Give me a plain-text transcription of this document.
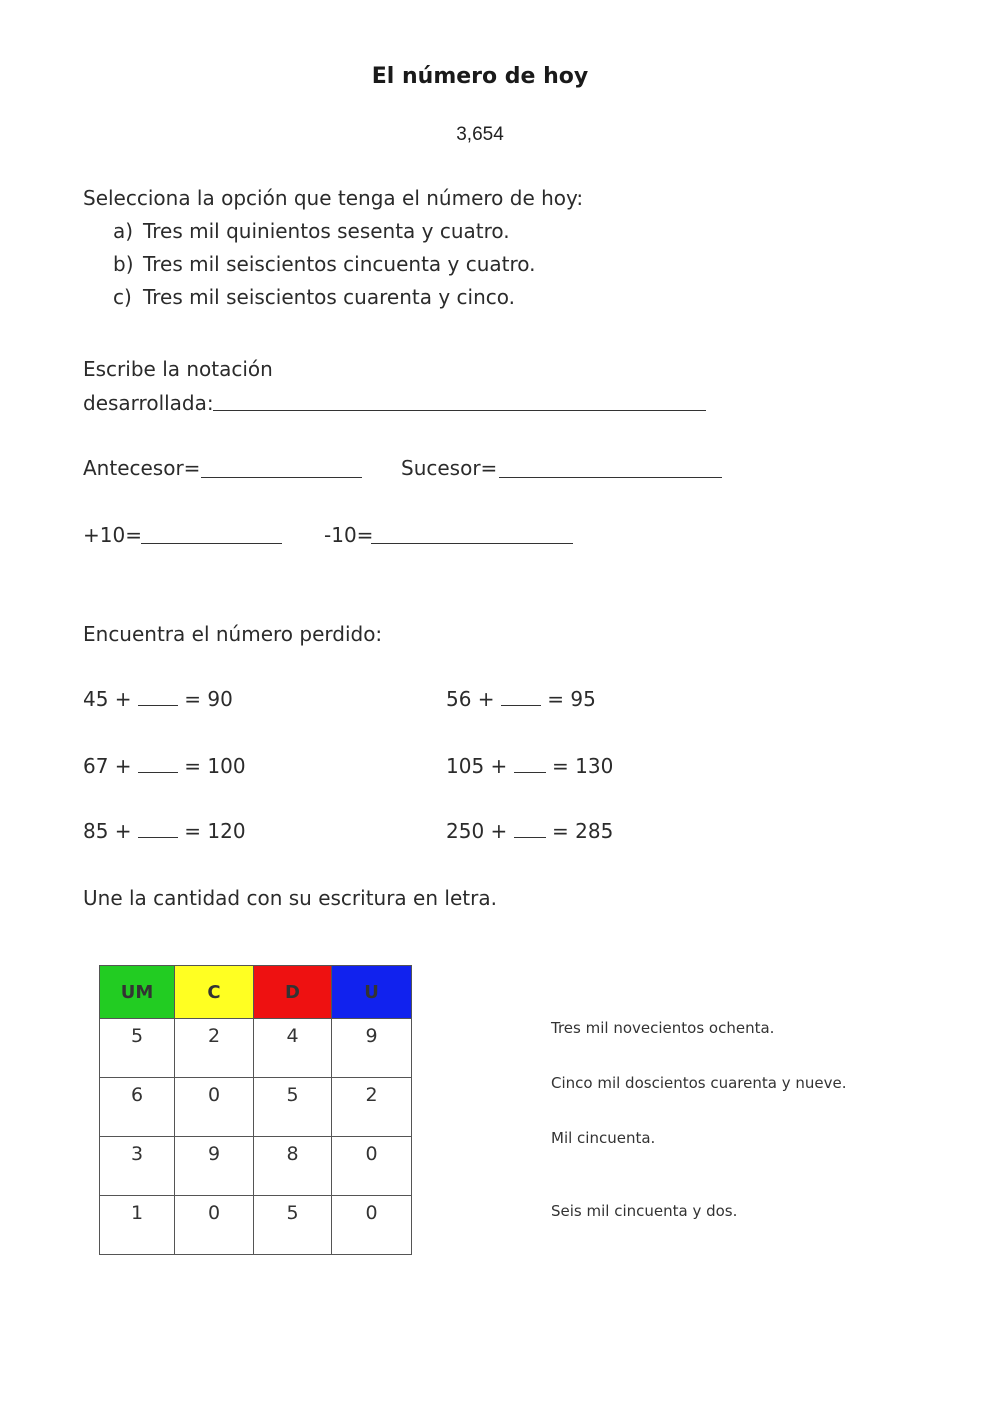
El número de hoy
3,654
Selecciona la opción que tenga el número de hoy:
a) Tres mil quinientos sesenta y cuatro.
b) Tres mil seiscientos cincuenta y cuatro.
c) Tres mil seiscientos cuarenta y cinco.
Escribe la notación
desarrollada:
Antecesor=	Sucesor=
+10=	-10=
Encuentra el número perdido:
45 +	= 90
67 +	= 100
85 +	= 120
56 +	= 95
105 + = 130
250 + = 285
Une la cantidad con su escritura en letra.
UM	C	D	U
5	2	4	9
6	0	5	2
3	9	8	0
1	0	5	0
Tres mil novecientos ochenta.
Cinco mil doscientos cuarenta y nueve.
Mil cincuenta.
Seis mil cincuenta y dos.
